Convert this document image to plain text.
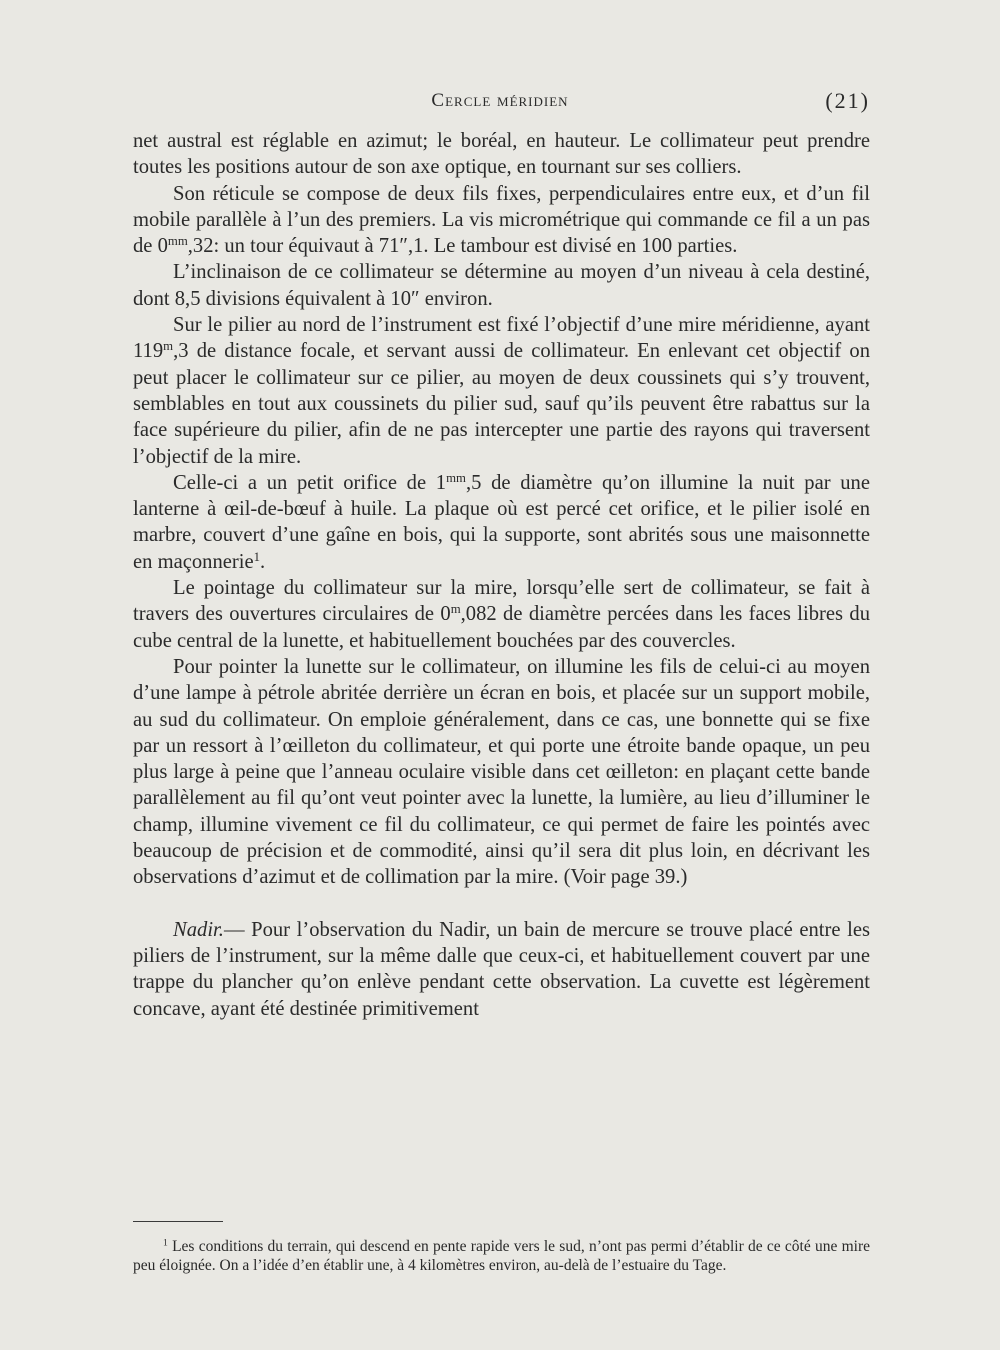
Cercle méridien	(21)

net austral est réglable en azimut; le boréal, en hauteur. Le collimateur peut prendre toutes les positions autour de son axe optique, en tournant sur ses colliers.

Son réticule se compose de deux fils fixes, perpendiculaires entre eux, et d’un fil mobile parallèle à l’un des premiers. La vis micrométrique qui commande ce fil a un pas de $0^{mm},32$: un tour équivaut à 71″,1. Le tambour est divisé en 100 parties.

L’inclinaison de ce collimateur se détermine au moyen d’un niveau à cela destiné, dont 8,5 divisions équivalent à 10″ environ.

Sur le pilier au nord de l’instrument est fixé l’objectif d’une mire méridienne, ayant 119$^m$,3 de distance focale, et servant aussi de collimateur. En enlevant cet objectif on peut placer le collimateur sur ce pilier, au moyen de deux coussinets qui s’y trouvent, semblables en tout aux coussinets du pilier sud, sauf qu’ils peuvent être rabattus sur la face supérieure du pilier, afin de ne pas intercepter une partie des rayons qui traversent l’objectif de la mire.

Celle-ci a un petit orifice de $1^{mm},5$ de diamètre qu’on illumine la nuit par une lanterne à œil-de-bœuf à huile. La plaque où est percé cet orifice, et le pilier isolé en marbre, couvert d’une gaîne en bois, qui la supporte, sont abrités sous une maisonnette en maçonnerie$^1$.

Le pointage du collimateur sur la mire, lorsqu’elle sert de collimateur, se fait à travers des ouvertures circulaires de 0$^m$,082 de diamètre percées dans les faces libres du cube central de la lunette, et habituellement bouchées par des couvercles.

Pour pointer la lunette sur le collimateur, on illumine les fils de celui-ci au moyen d’une lampe à pétrole abritée derrière un écran en bois, et placée sur un support mobile, au sud du collimateur. On emploie généralement, dans ce cas, une bonnette qui se fixe par un ressort à l’œilleton du collimateur, et qui porte une étroite bande opaque, un peu plus large à peine que l’anneau oculaire visible dans cet œilleton: en plaçant cette bande parallèlement au fil qu’ont veut pointer avec la lunette, la lumière, au lieu d’illuminer le champ, illumine vivement ce fil du collimateur, ce qui permet de faire les pointés avec beaucoup de précision et de commodité, ainsi qu’il sera dit plus loin, en décrivant les observations d’azimut et de collimation par la mire. (Voir page 39.)

Nadir.— Pour l’observation du Nadir, un bain de mercure se trouve placé entre les piliers de l’instrument, sur la même dalle que ceux-ci, et habituellement couvert par une trappe du plancher qu’on enlève pendant cette observation. La cuvette est légèrement concave, ayant été destinée primitivement

$^1$ Les conditions du terrain, qui descend en pente rapide vers le sud, n’ont pas permi d’établir de ce côté une mire peu éloignée. On a l’idée d’en établir une, à 4 kilomètres environ, au-delà de l’estuaire du Tage.
